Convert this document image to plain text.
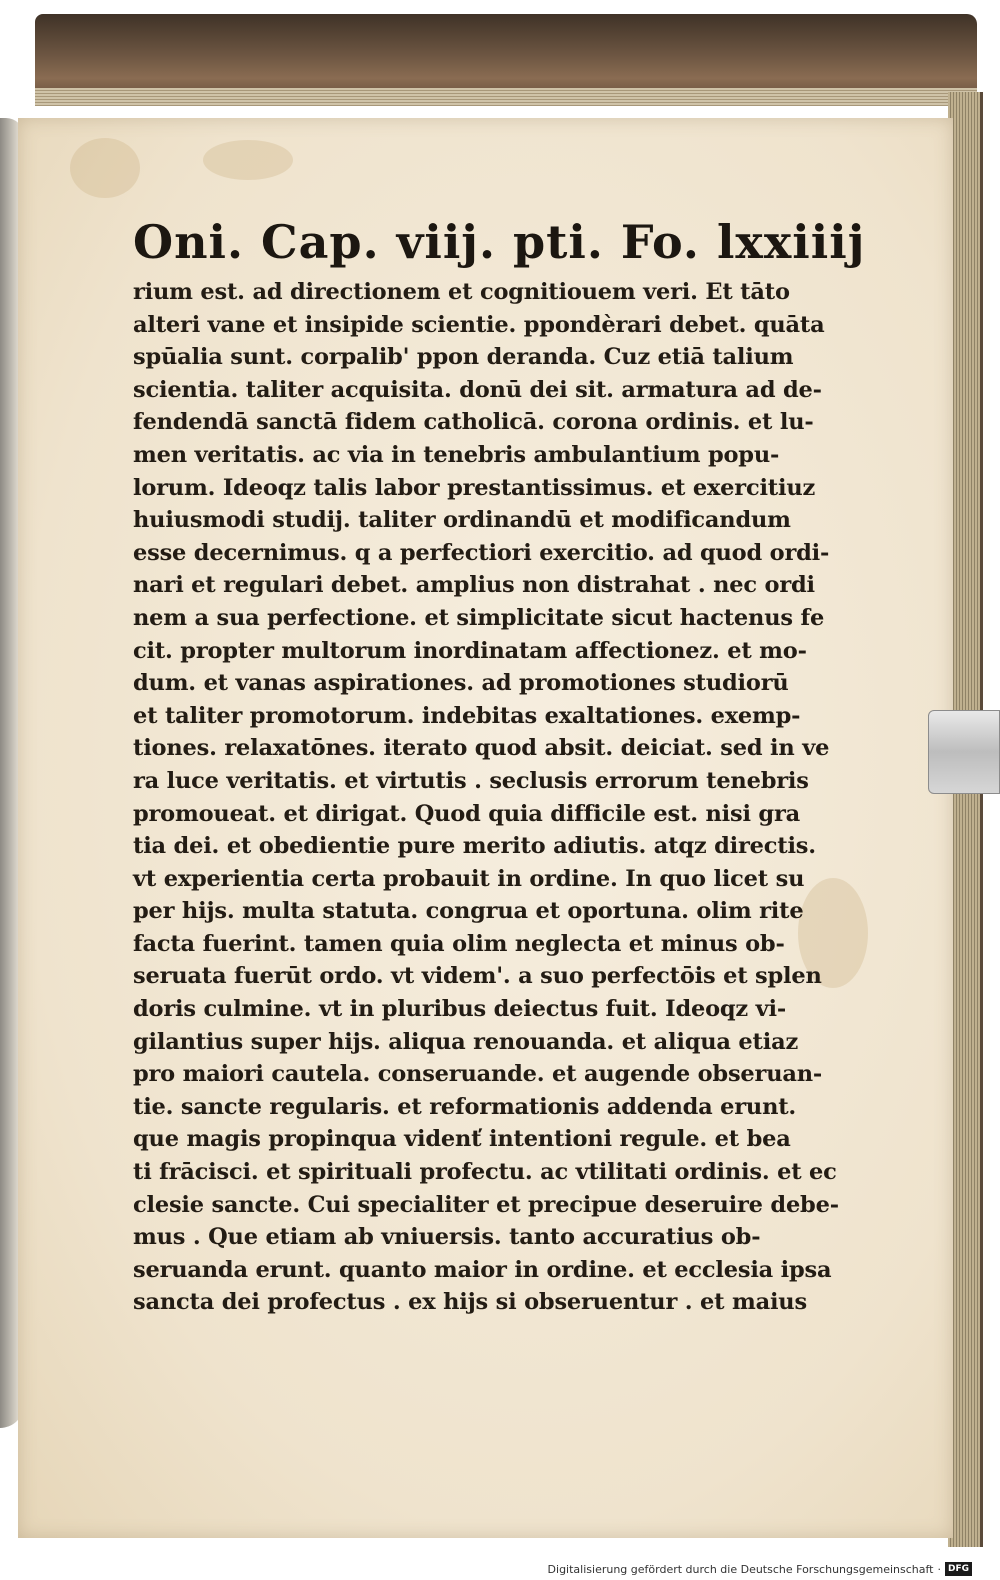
Oni. Cap. viij. pti. Fo. lxxiiij
rium est. ad directionem et cognitiouem veri. Et tāto
alteri vane et insipide scientie. ppondèrari debet. quāta
spūalia sunt. corpalib' ppon deranda. Cuz etiā talium
scientia. taliter acquisita. donū dei sit. armatura ad de-
fendendā sanctā fidem catholicā. corona ordinis. et lu-
men veritatis. ac via in tenebris ambulantium popu-
lorum. Ideoqz talis labor prestantissimus. et exercitiuz
huiusmodi studij. taliter ordinandū et modificandum
esse decernimus. q a perfectiori exercitio. ad quod ordi-
nari et regulari debet. amplius non distrahat . nec ordi
nem a sua perfectione. et simplicitate sicut hactenus fe
cit. propter multorum inordinatam affectionez. et mo-
dum. et vanas aspirationes. ad promotiones studiorū
et taliter promotorum. indebitas exaltationes. exemp-
tiones. relaxatōnes. iterato quod absit. deiciat. sed in ve
ra luce veritatis. et virtutis . seclusis errorum tenebris
promoueat. et dirigat. Quod quia difficile est. nisi gra
tia dei. et obedientie pure merito adiutis. atqz directis.
vt experientia certa probauit in ordine. In quo licet su
per hijs. multa statuta. congrua et oportuna. olim rite
facta fuerint. tamen quia olim neglecta et minus ob-
seruata fuerūt ordo. vt videm'. a suo perfectōis et splen
doris culmine. vt in pluribus deiectus fuit. Ideoqz vi-
gilantius super hijs. aliqua renouanda. et aliqua etiaz
pro maiori cautela. conseruande. et augende obseruan-
tie. sancte regularis. et reformationis addenda erunt.
que magis propinqua videnť intentioni regule. et bea
ti frācisci. et spirituali profectu. ac vtilitati ordinis. et ec
clesie sancte. Cui specialiter et precipue deseruire debe-
mus . Que etiam ab vniuersis. tanto accuratius ob-
seruanda erunt. quanto maior in ordine. et ecclesia ipsa
sancta dei profectus . ex hijs si obseruentur . et maius
Digitalisierung gefördert durch die Deutsche Forschungsgemeinschaft · DFG
